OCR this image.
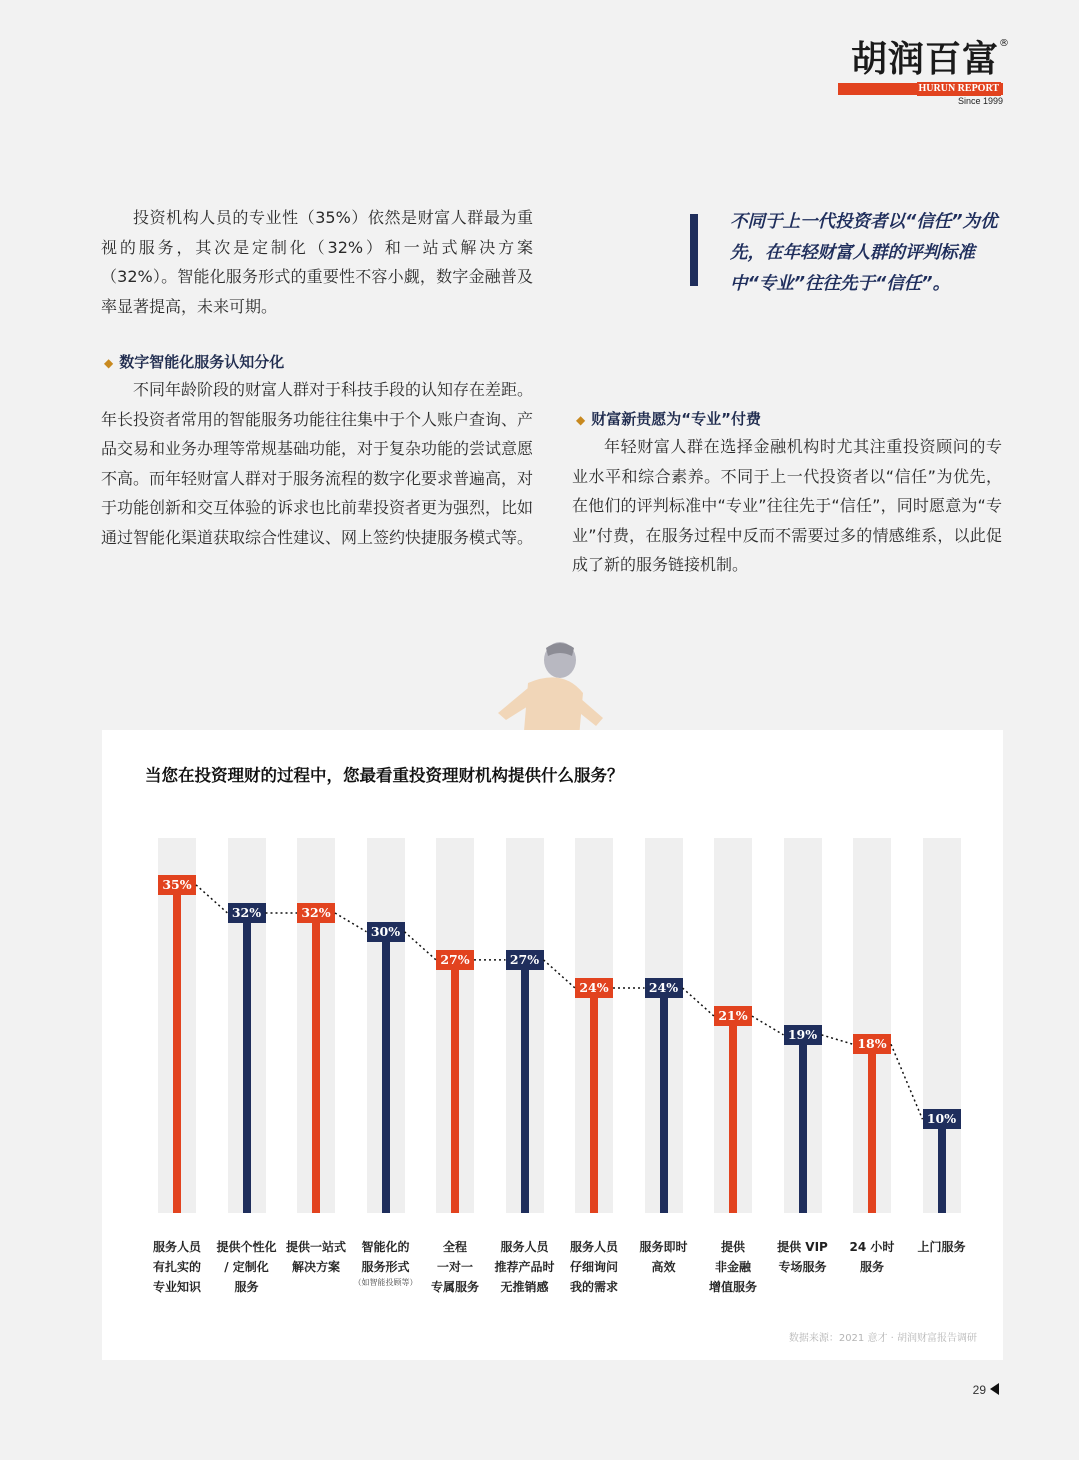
胡润百富 ®
HURUN REPORT
Since 1999
投资机构人员的专业性（35%）依然是财富人群最为重视的服务，其次是定制化（32%）和一站式解决方案（32%）。智能化服务形式的重要性不容小觑，数字金融普及率显著提高，未来可期。
◆ 数字智能化服务认知分化
不同年龄阶段的财富人群对于科技手段的认知存在差距。年长投资者常用的智能服务功能往往集中于个人账户查询、产品交易和业务办理等常规基础功能，对于复杂功能的尝试意愿不高。而年轻财富人群对于服务流程的数字化要求普遍高，对于功能创新和交互体验的诉求也比前辈投资者更为强烈，比如通过智能化渠道获取综合性建议、网上签约快捷服务模式等。
不同于上一代投资者以“信任”为优先，在年轻财富人群的评判标准中“专业”往往先于“信任”。
◆ 财富新贵愿为“专业”付费
年轻财富人群在选择金融机构时尤其注重投资顾问的专业水平和综合素养。不同于上一代投资者以“信任”为优先，在他们的评判标准中“专业”往往先于“信任”，同时愿意为“专业”付费，在服务过程中反而不需要过多的情感维系，以此促成了新的服务链接机制。
当您在投资理财的过程中，您最看重投资理财机构提供什么服务？
35%
服务人员
有扎实的
专业知识
32%
提供个性化
/ 定制化
服务
32%
提供一站式
解决方案
30%
智能化的
服务形式
（如智能投顾等）
27%
全程
一对一
专属服务
27%
服务人员
推荐产品时
无推销感
24%
服务人员
仔细询问
我的需求
24%
服务即时
高效
21%
提供
非金融
增值服务
19%
提供 VIP
专场服务
18%
24 小时
服务
10%
上门服务
数据来源：2021 意才 · 胡润财富报告调研
29
